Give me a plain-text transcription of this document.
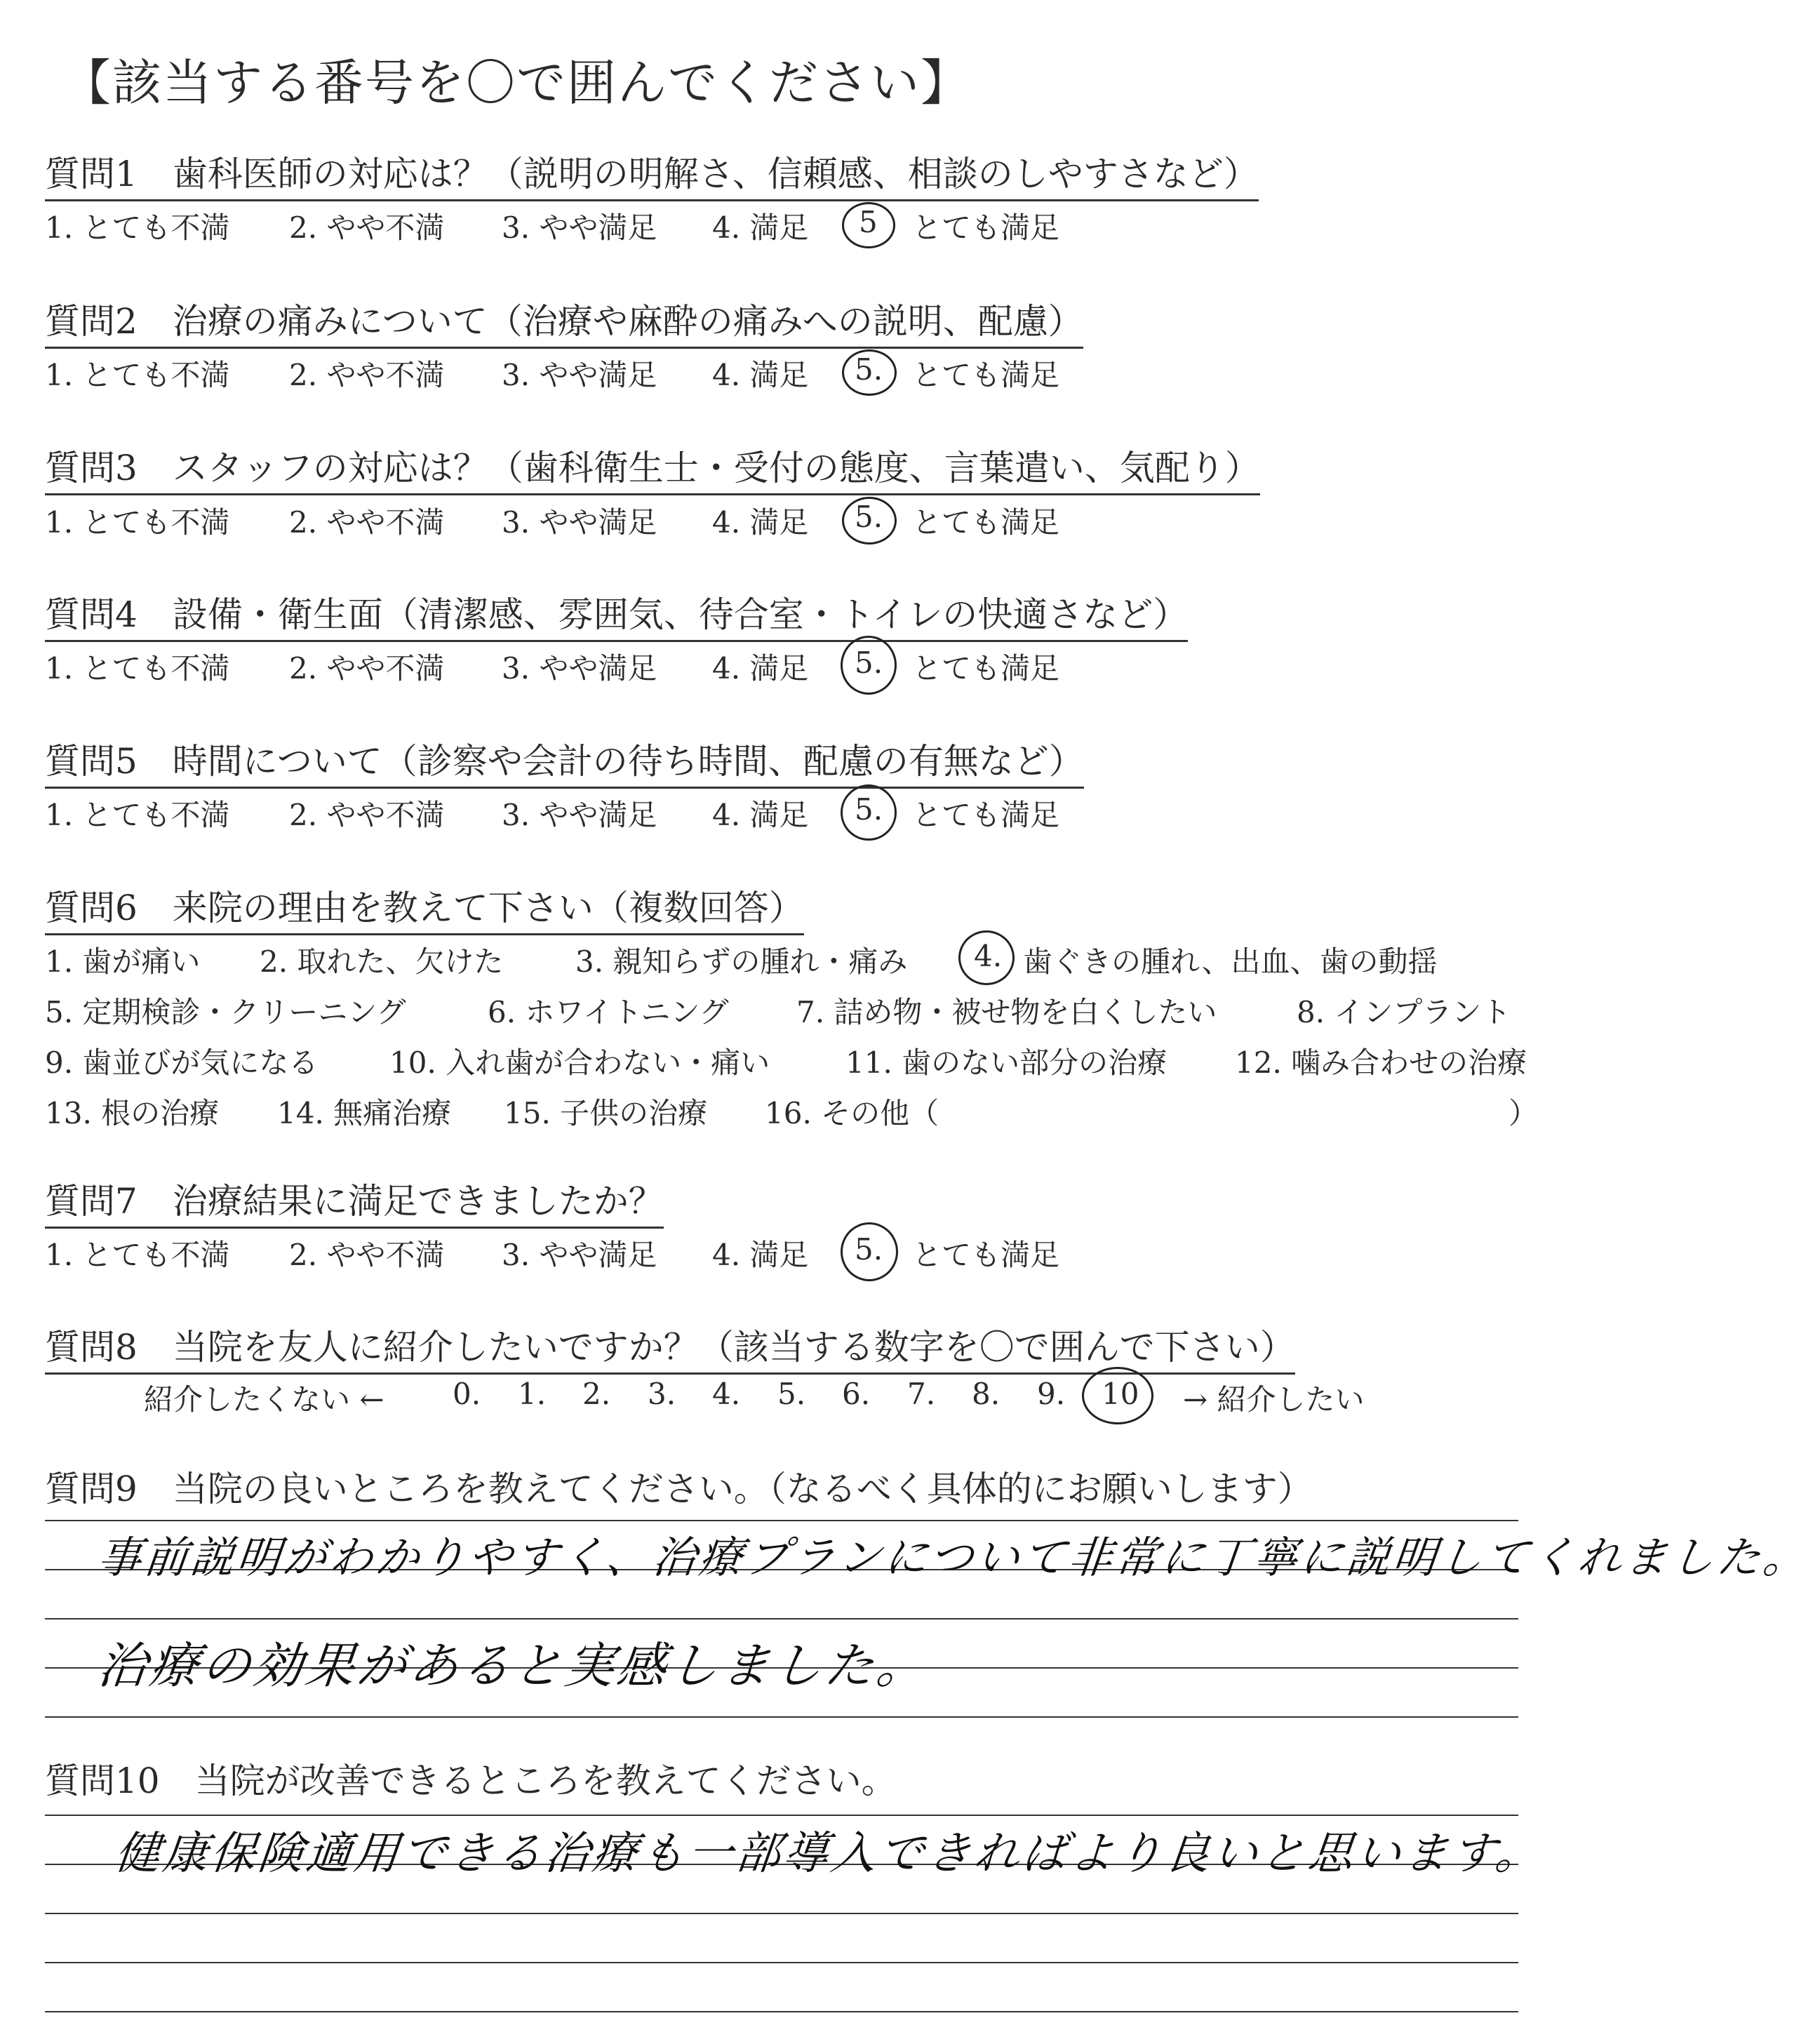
【該当する番号を〇で囲んでください】
質問1　歯科医師の対応は？（説明の明解さ、信頼感、相談のしやすさなど）
1. とても不満 2. やや不満 3. やや満足 4. 満足 5 とても満足
質問2　治療の痛みについて（治療や麻酔の痛みへの説明、配慮）
1. とても不満 2. やや不満 3. やや満足 4. 満足 5. とても満足
質問3　スタッフの対応は？（歯科衛生士・受付の態度、言葉遣い、気配り）
1. とても不満 2. やや不満 3. やや満足 4. 満足 5. とても満足
質問4　設備・衛生面（清潔感、雰囲気、待合室・トイレの快適さなど）
1. とても不満 2. やや不満 3. やや満足 4. 満足 5. とても満足
質問5　時間について（診察や会計の待ち時間、配慮の有無など）
1. とても不満 2. やや不満 3. やや満足 4. 満足 5. とても満足
質問6　来院の理由を教えて下さい（複数回答）
1. 歯が痛い 2. 取れた、欠けた 3. 親知らずの腫れ・痛み 4. 歯ぐきの腫れ、出血、歯の動揺
5. 定期検診・クリーニング	6. ホワイトニング 7. 詰め物・被せ物を白くしたい	8. インプラント
9. 歯並びが気になる 10. 入れ歯が合わない・痛い	11. 歯のない部分の治療 12. 噛み合わせの治療
13. 根の治療 14. 無痛治療 15. 子供の治療 16. その他（	）
質問7　治療結果に満足できましたか？
1. とても不満 2. やや不満 3. やや満足 4. 満足 5. とても満足
質問8　当院を友人に紹介したいですか？（該当する数字を〇で囲んで下さい）
紹介したくない ← 0. 1. 2. 3. 4. 5. 6. 7. 8. 9. 10 → 紹介したい
質問9　当院の良いところを教えてください。（なるべく具体的にお願いします）
事前説明がわかりやすく、治療プランについて非常に丁寧に説明してくれました。
治療の効果があると実感しました。
質問10　当院が改善できるところを教えてください。
健康保険適用できる治療も一部導入できればより良いと思います。
